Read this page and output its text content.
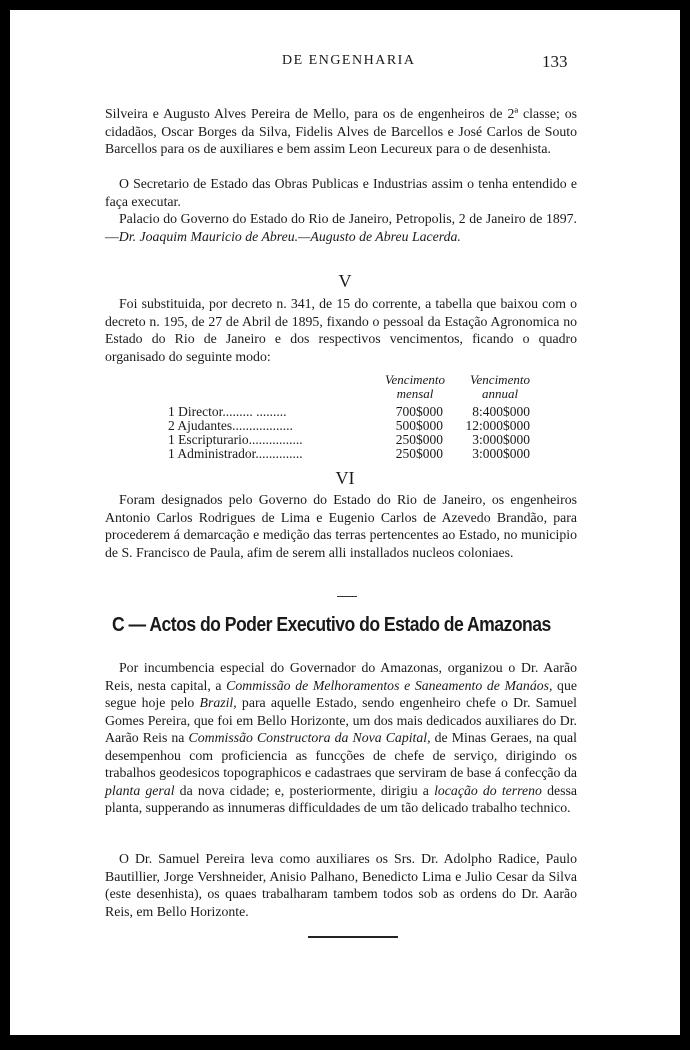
DE ENGENHARIA	133
Silveira e Augusto Alves Pereira de Mello, para os de engenheiros de 2ª classe; os cidadãos, Oscar Borges da Silva, Fidelis Alves de Barcellos e José Carlos de Souto Barcellos para os de auxiliares e bem assim Leon Lecureux para o de desenhista.
O Secretario de Estado das Obras Publicas e Industrias assim o tenha entendido e faça executar.
Palacio do Governo do Estado do Rio de Janeiro, Petropolis, 2 de Janeiro de 1897.—Dr. Joaquim Mauricio de Abreu.—Augusto de Abreu Lacerda.
V
Foi substituida, por decreto n. 341, de 15 do corrente, a tabella que baixou com o decreto n. 195, de 27 de Abril de 1895, fixando o pessoal da Estação Agronomica no Estado do Rio de Janeiro e dos respectivos vencimentos, ficando o quadro organisado do seguinte modo:
Vencimento
mensal
Vencimento
annual
1 Director......... .........	700$000	8:400$000
2 Ajudantes..................	500$000 12:000$000
1 Escripturario................	250$000	3:000$000
1 Administrador..............	250$000	3:000$000
VI
Foram designados pelo Governo do Estado do Rio de Janeiro, os engenheiros Antonio Carlos Rodrigues de Lima e Eugenio Carlos de Azevedo Brandão, para procederem á demarcação e medição das terras pertencentes ao Estado, no municipio de S. Francisco de Paula, afim de serem alli installados nucleos coloniaes.
C — Actos do Poder Executivo do Estado de Amazonas
Por incumbencia especial do Governador do Amazonas, organizou o Dr. Aarão Reis, nesta capital, a Commissão de Melhoramentos e Saneamento de Manáos, que segue hoje pelo Brazil, para aquelle Estado, sendo engenheiro chefe o Dr. Samuel Gomes Pereira, que foi em Bello Horizonte, um dos mais dedicados auxiliares do Dr. Aarão Reis na Commissão Constructora da Nova Capital, de Minas Geraes, na qual desempenhou com proficiencia as funcções de chefe de serviço, dirigindo os trabalhos geodesicos topographicos e cadastraes que serviram de base á confecção da planta geral da nova cidade; e, posteriormente, dirigiu a locação do terreno dessa planta, supperando as innumeras difficuldades de um tão delicado trabalho technico.
O Dr. Samuel Pereira leva como auxiliares os Srs. Dr. Adolpho Radice, Paulo Bautillier, Jorge Vershneider, Anisio Palhano, Benedicto Lima e Julio Cesar da Silva (este desenhista), os quaes trabalharam tambem todos sob as ordens do Dr. Aarão Reis, em Bello Horizonte.
